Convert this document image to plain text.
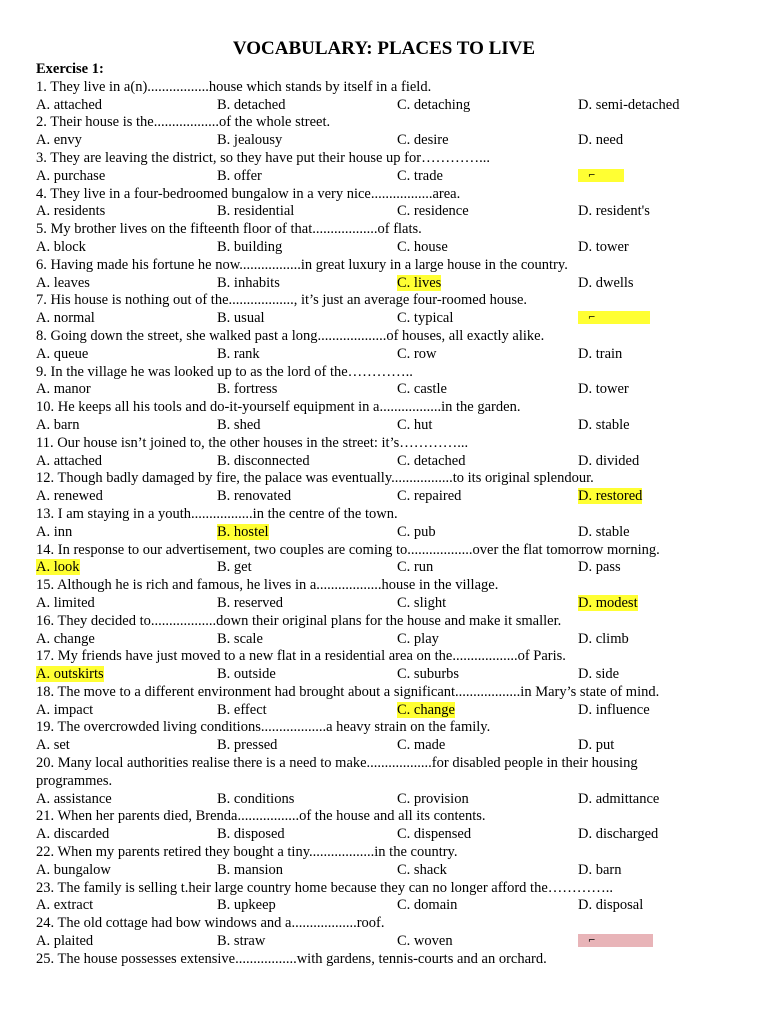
VOCABULARY: PLACES TO LIVE
Exercise 1:
1. They live in a(n).................house which stands by itself in a field.
A. attached	B. detached	C. detaching	D. semi-detached
2. Their house is the..................of the whole street.
A. envy	B. jealousy	C. desire	D. need
3. They are leaving the district, so they have put their house up for…………...
A. purchase	B. offer	C. trade	⌐
4. They live in a four-bedroomed bungalow in a very nice.................area.
A. residents	B. residential	C. residence	D. resident's
5. My brother lives on the fifteenth floor of that..................of flats.
A. block	B. building	C. house	D. tower
6. Having made his fortune he now.................in great luxury in a large house in the country.
A. leaves	B. inhabits	C. lives	D. dwells
7. His house is nothing out of the.................., it’s just an average four-roomed house.
A. normal	B. usual	C. typical	⌐
8. Going down the street, she walked past a long...................of houses, all exactly alike.
A. queue	B. rank	C. row	D. train
9. In the village he was looked up to as the lord of the…………..
A. manor	B. fortress	C. castle	D. tower
10. He keeps all his tools and do-it-yourself equipment in a.................in the garden.
A. barn	B. shed	C. hut	D. stable
11. Our house isn’t joined to, the other houses in the street: it’s…………...
A. attached	B. disconnected	C. detached	D. divided
12. Though badly damaged by fire, the palace was eventually.................to its original splendour.
A. renewed	B. renovated	C. repaired	D. restored
13. I am staying in a youth.................in the centre of the town.
A. inn	B. hostel	C. pub	D. stable
14. In response to our advertisement, two couples are coming to..................over the flat tomorrow morning.
A. look	B. get	C. run	D. pass
15. Although he is rich and famous, he lives in a..................house in the village.
A. limited	B. reserved	C. slight	D. modest
16. They decided to..................down their original plans for the house and make it smaller.
A. change	B. scale	C. play	D. climb
17. My friends have just moved to a new flat in a residential area on the..................of Paris.
A. outskirts	B. outside	C. suburbs	D. side
18. The move to a different environment had brought about a significant..................in Mary’s state of mind.
A. impact	B. effect	C. change	D. influence
19. The overcrowded living conditions..................a heavy strain on the family.
A. set	B. pressed	C. made	D. put
20. Many local authorities realise there is a need to make..................for disabled people in their housing programmes.
A. assistance	B. conditions	C. provision	D. admittance
21. When her parents died, Brenda.................of the house and all its contents.
A. discarded	B. disposed	C. dispensed	D. discharged
22. When my parents retired they bought a tiny..................in the country.
A. bungalow	B. mansion	C. shack	D. barn
23. The family is selling t.heir large country home because they can no longer afford the…………..
A. extract	B. upkeep	C. domain	D. disposal
24. The old cottage had bow windows and a..................roof.
A. plaited	B. straw	C. woven	⌐
25. The house possesses extensive.................with gardens, tennis-courts and an orchard.
